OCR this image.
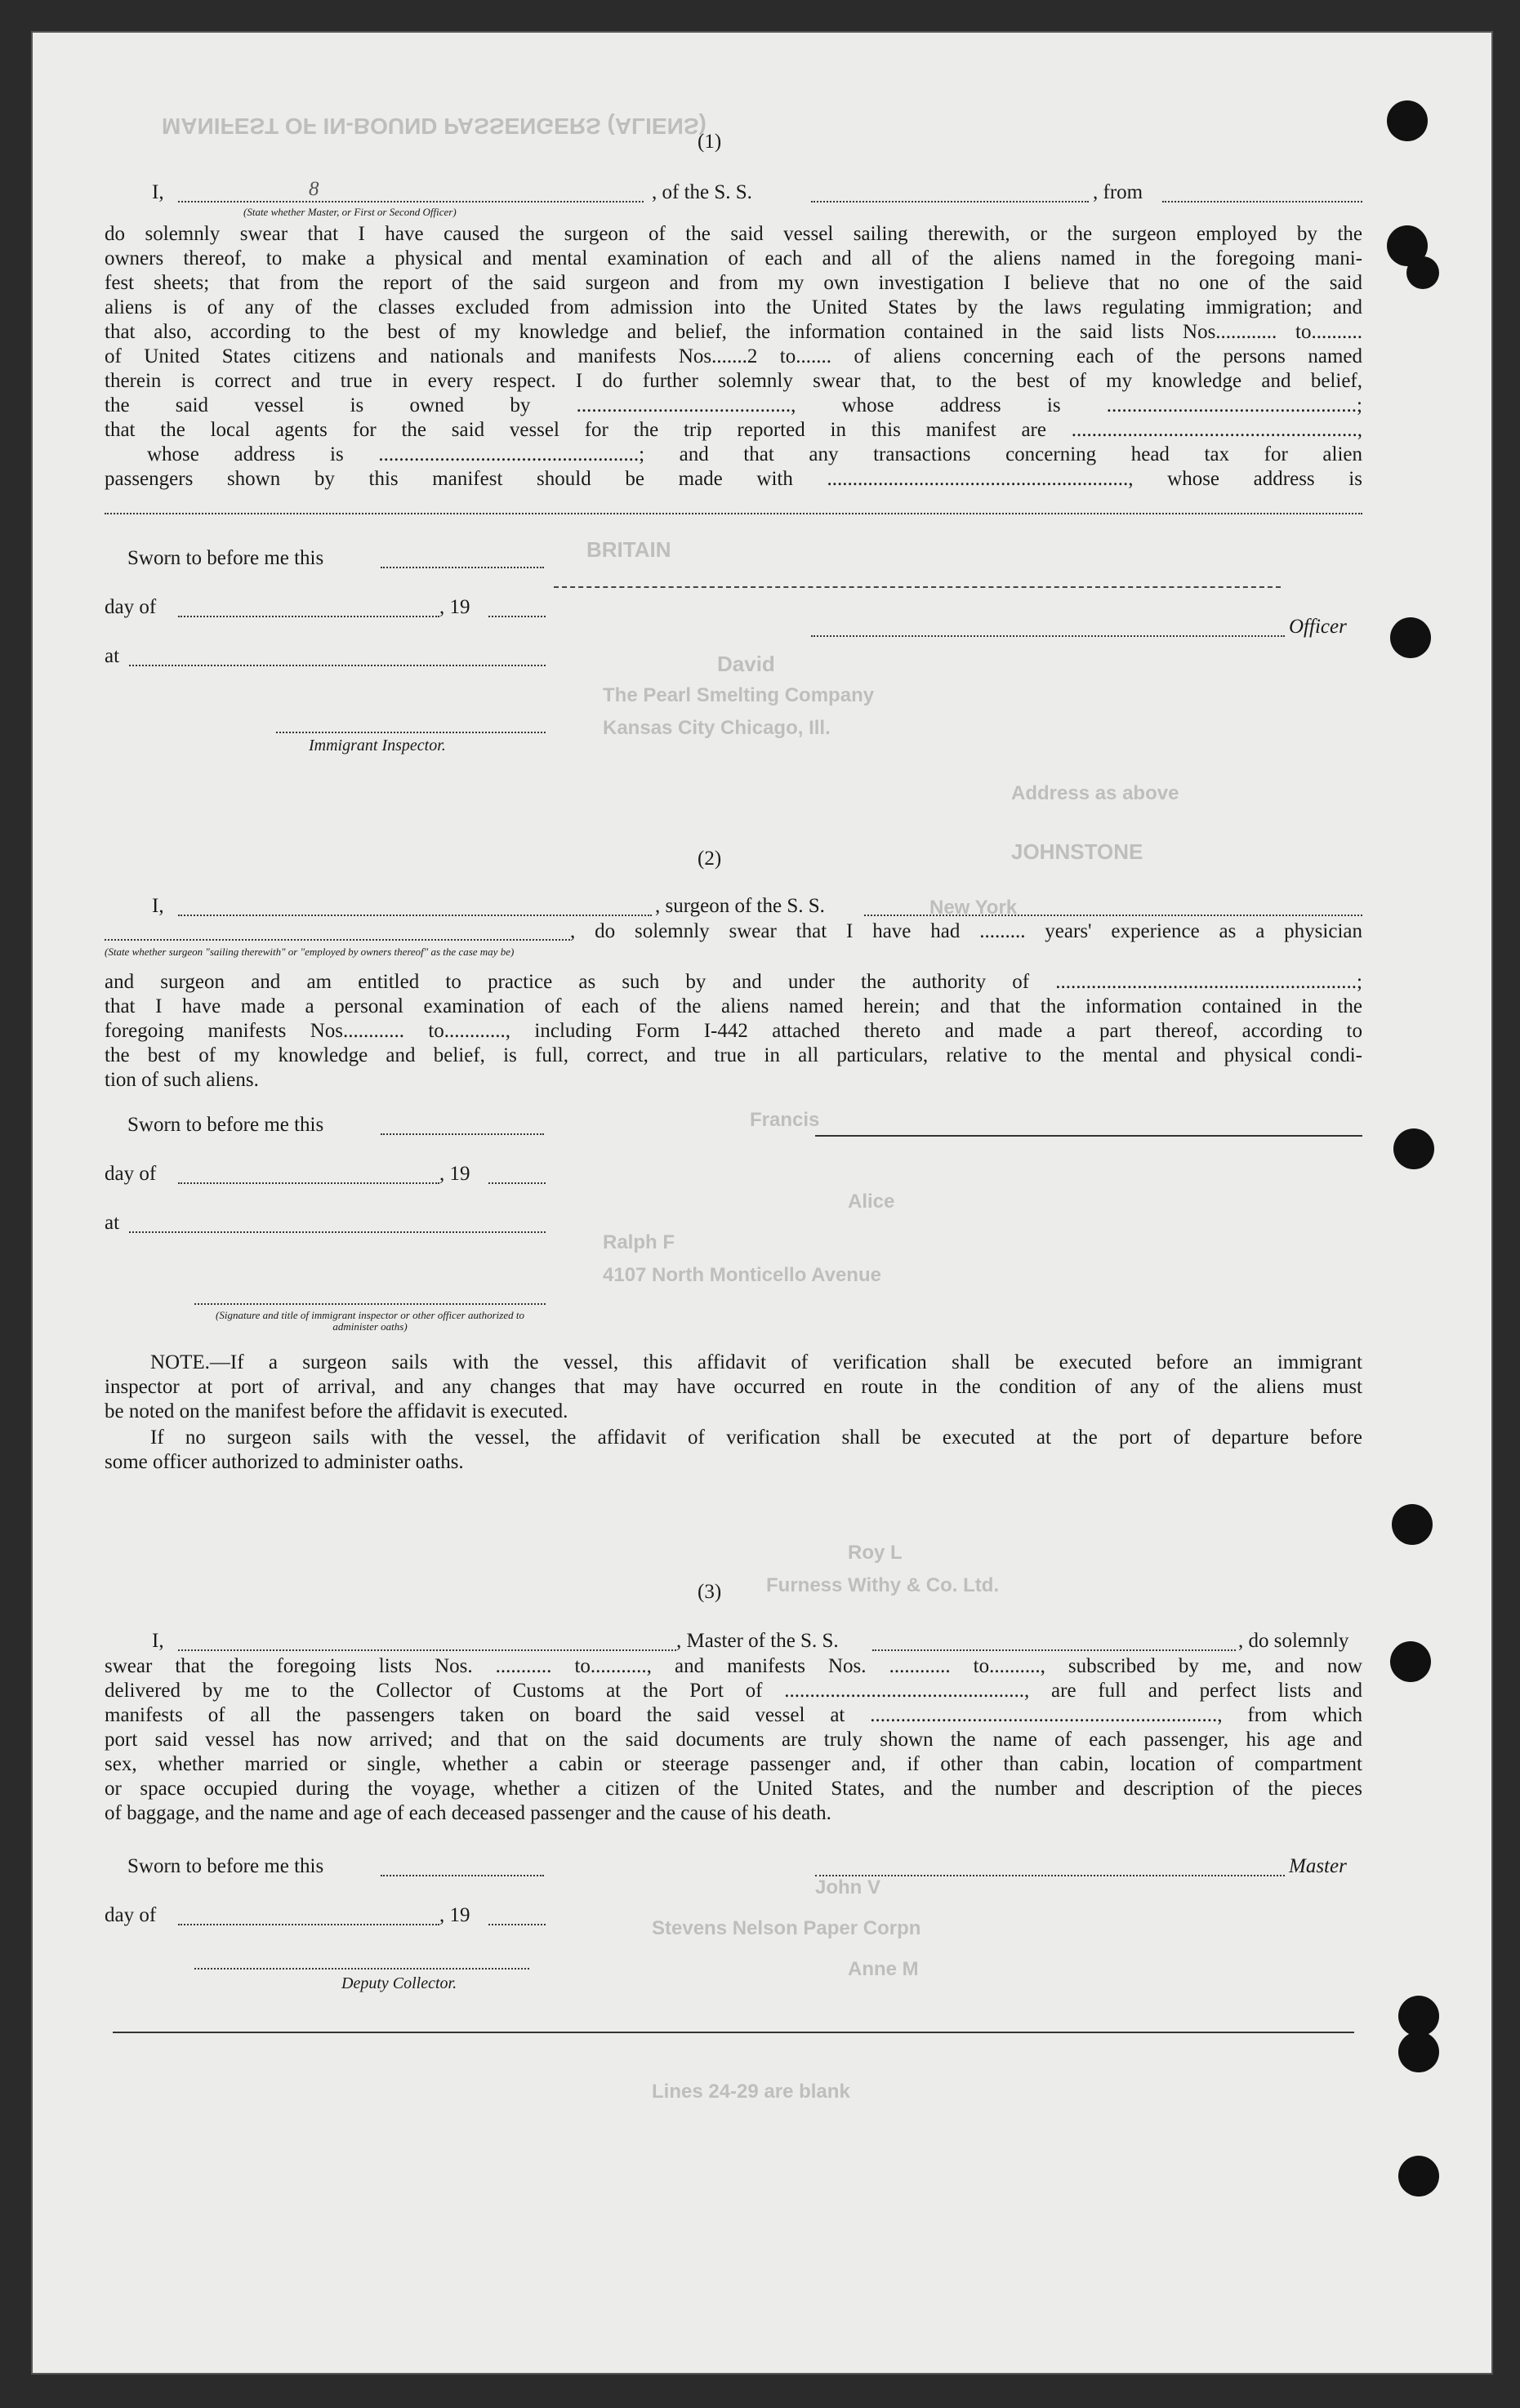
MANIFEST OF IN-BOUND PASSENGERS (ALIENS)
BRITAIN
David
The Pearl Smelting Company
Kansas City Chicago, Ill.
Address as above
JOHNSTONE
New York
Francis
Alice
Ralph F
4107 North Monticello Avenue
Roy L
Furness Withy & Co. Ltd.
John V
Stevens Nelson Paper Corpn
Anne M
Lines 24-29 are blank
(1)
I,	8	, of the S. S.	, from
(State whether Master, or First or Second Officer)
do solemnly swear that I have caused the surgeon of the said vessel sailing therewith, or the surgeon employed by the
owners thereof, to make a physical and mental examination of each and all of the aliens named in the foregoing mani-
fest sheets; that from the report of the said surgeon and from my own investigation I believe that no one of the said
aliens is of any of the classes excluded from admission into the United States by the laws regulating immigration; and
that also, according to the best of my knowledge and belief, the information contained in the said lists Nos............ to..........
of United States citizens and nationals and manifests Nos.......2 to....... of aliens concerning each of the persons named
therein is correct and true in every respect. I do further solemnly swear that, to the best of my knowledge and belief,
the said vessel is owned by .........................................., whose address is .................................................;
that the local agents for the said vessel for the trip reported in this manifest are ........................................................,
whose address is ...................................................; and that any transactions concerning head tax for alien
passengers shown by this manifest should be made with ..........................................................., whose address is
Sworn to before me this
day of	, 19
Officer
at
Immigrant Inspector.
(2)
I,	, surgeon of the S. S.
, do solemnly swear that I have had ......... years' experience as a physician
(State whether surgeon "sailing therewith" or "employed by owners thereof" as the case may be)
and surgeon and am entitled to practice as such by and under the authority of ...........................................................;
that I have made a personal examination of each of the aliens named herein; and that the information contained in the
foregoing manifests Nos............ to............, including Form I-442 attached thereto and made a part thereof, according to
the best of my knowledge and belief, is full, correct, and true in all particulars, relative to the mental and physical condi-
tion of such aliens.
Sworn to before me this
day of	, 19
at
(Signature and title of immigrant inspector or other officer authorized to administer oaths)
NOTE.—If a surgeon sails with the vessel, this affidavit of verification shall be executed before an immigrant
inspector at port of arrival, and any changes that may have occurred en route in the condition of any of the aliens must
be noted on the manifest before the affidavit is executed.
If no surgeon sails with the vessel, the affidavit of verification shall be executed at the port of departure before
some officer authorized to administer oaths.
(3)
I,	, Master of the S. S.	, do solemnly
swear that the foregoing lists Nos. ........... to..........., and manifests Nos. ............ to.........., subscribed by me, and now
delivered by me to the Collector of Customs at the Port of ..............................................., are full and perfect lists and
manifests of all the passengers taken on board the said vessel at ...................................................................., from which
port said vessel has now arrived; and that on the said documents are truly shown the name of each passenger, his age and
sex, whether married or single, whether a cabin or steerage passenger and, if other than cabin, location of compartment
or space occupied during the voyage, whether a citizen of the United States, and the number and description of the pieces
of baggage, and the name and age of each deceased passenger and the cause of his death.
Sworn to before me this	Master
day of	, 19
Deputy Collector.
